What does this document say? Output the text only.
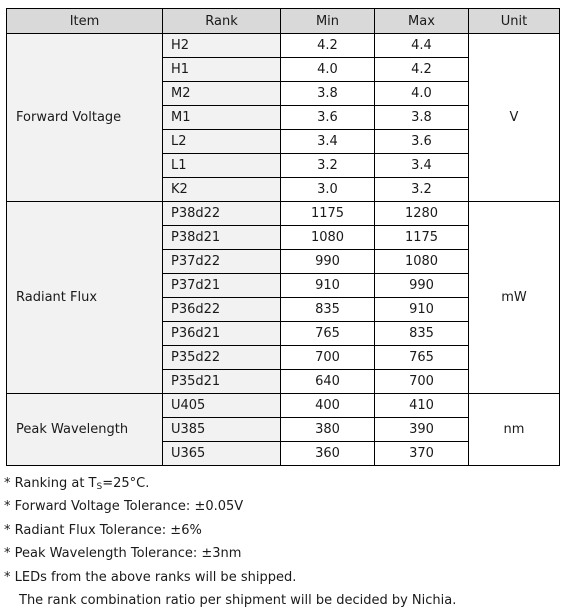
Item	Rank	Min	Max	Unit
Forward Voltage	H2	4.2	4.4	V
	H1	4.0	4.2	
	M2	3.8	4.0	
	M1	3.6	3.8	
	L2	3.4	3.6	
	L1	3.2	3.4	
	K2	3.0	3.2	
Radiant Flux	P38d22	1175	1280	mW
	P38d21	1080	1175	
	P37d22	990	1080	
	P37d21	910	990	
	P36d22	835	910	
	P36d21	765	835	
	P35d22	700	765	
	P35d21	640	700	
Peak Wavelength	U405	400	410	nm
	U385	380	390	
	U365	360	370	
* Ranking at $T_S=25^\circ C$.
* Forward Voltage Tolerance: ±0.05V
* Radiant Flux Tolerance: ±6%
* Peak Wavelength Tolerance: ±3nm
* LEDs from the above ranks will be shipped.
The rank combination ratio per shipment will be decided by Nichia.
